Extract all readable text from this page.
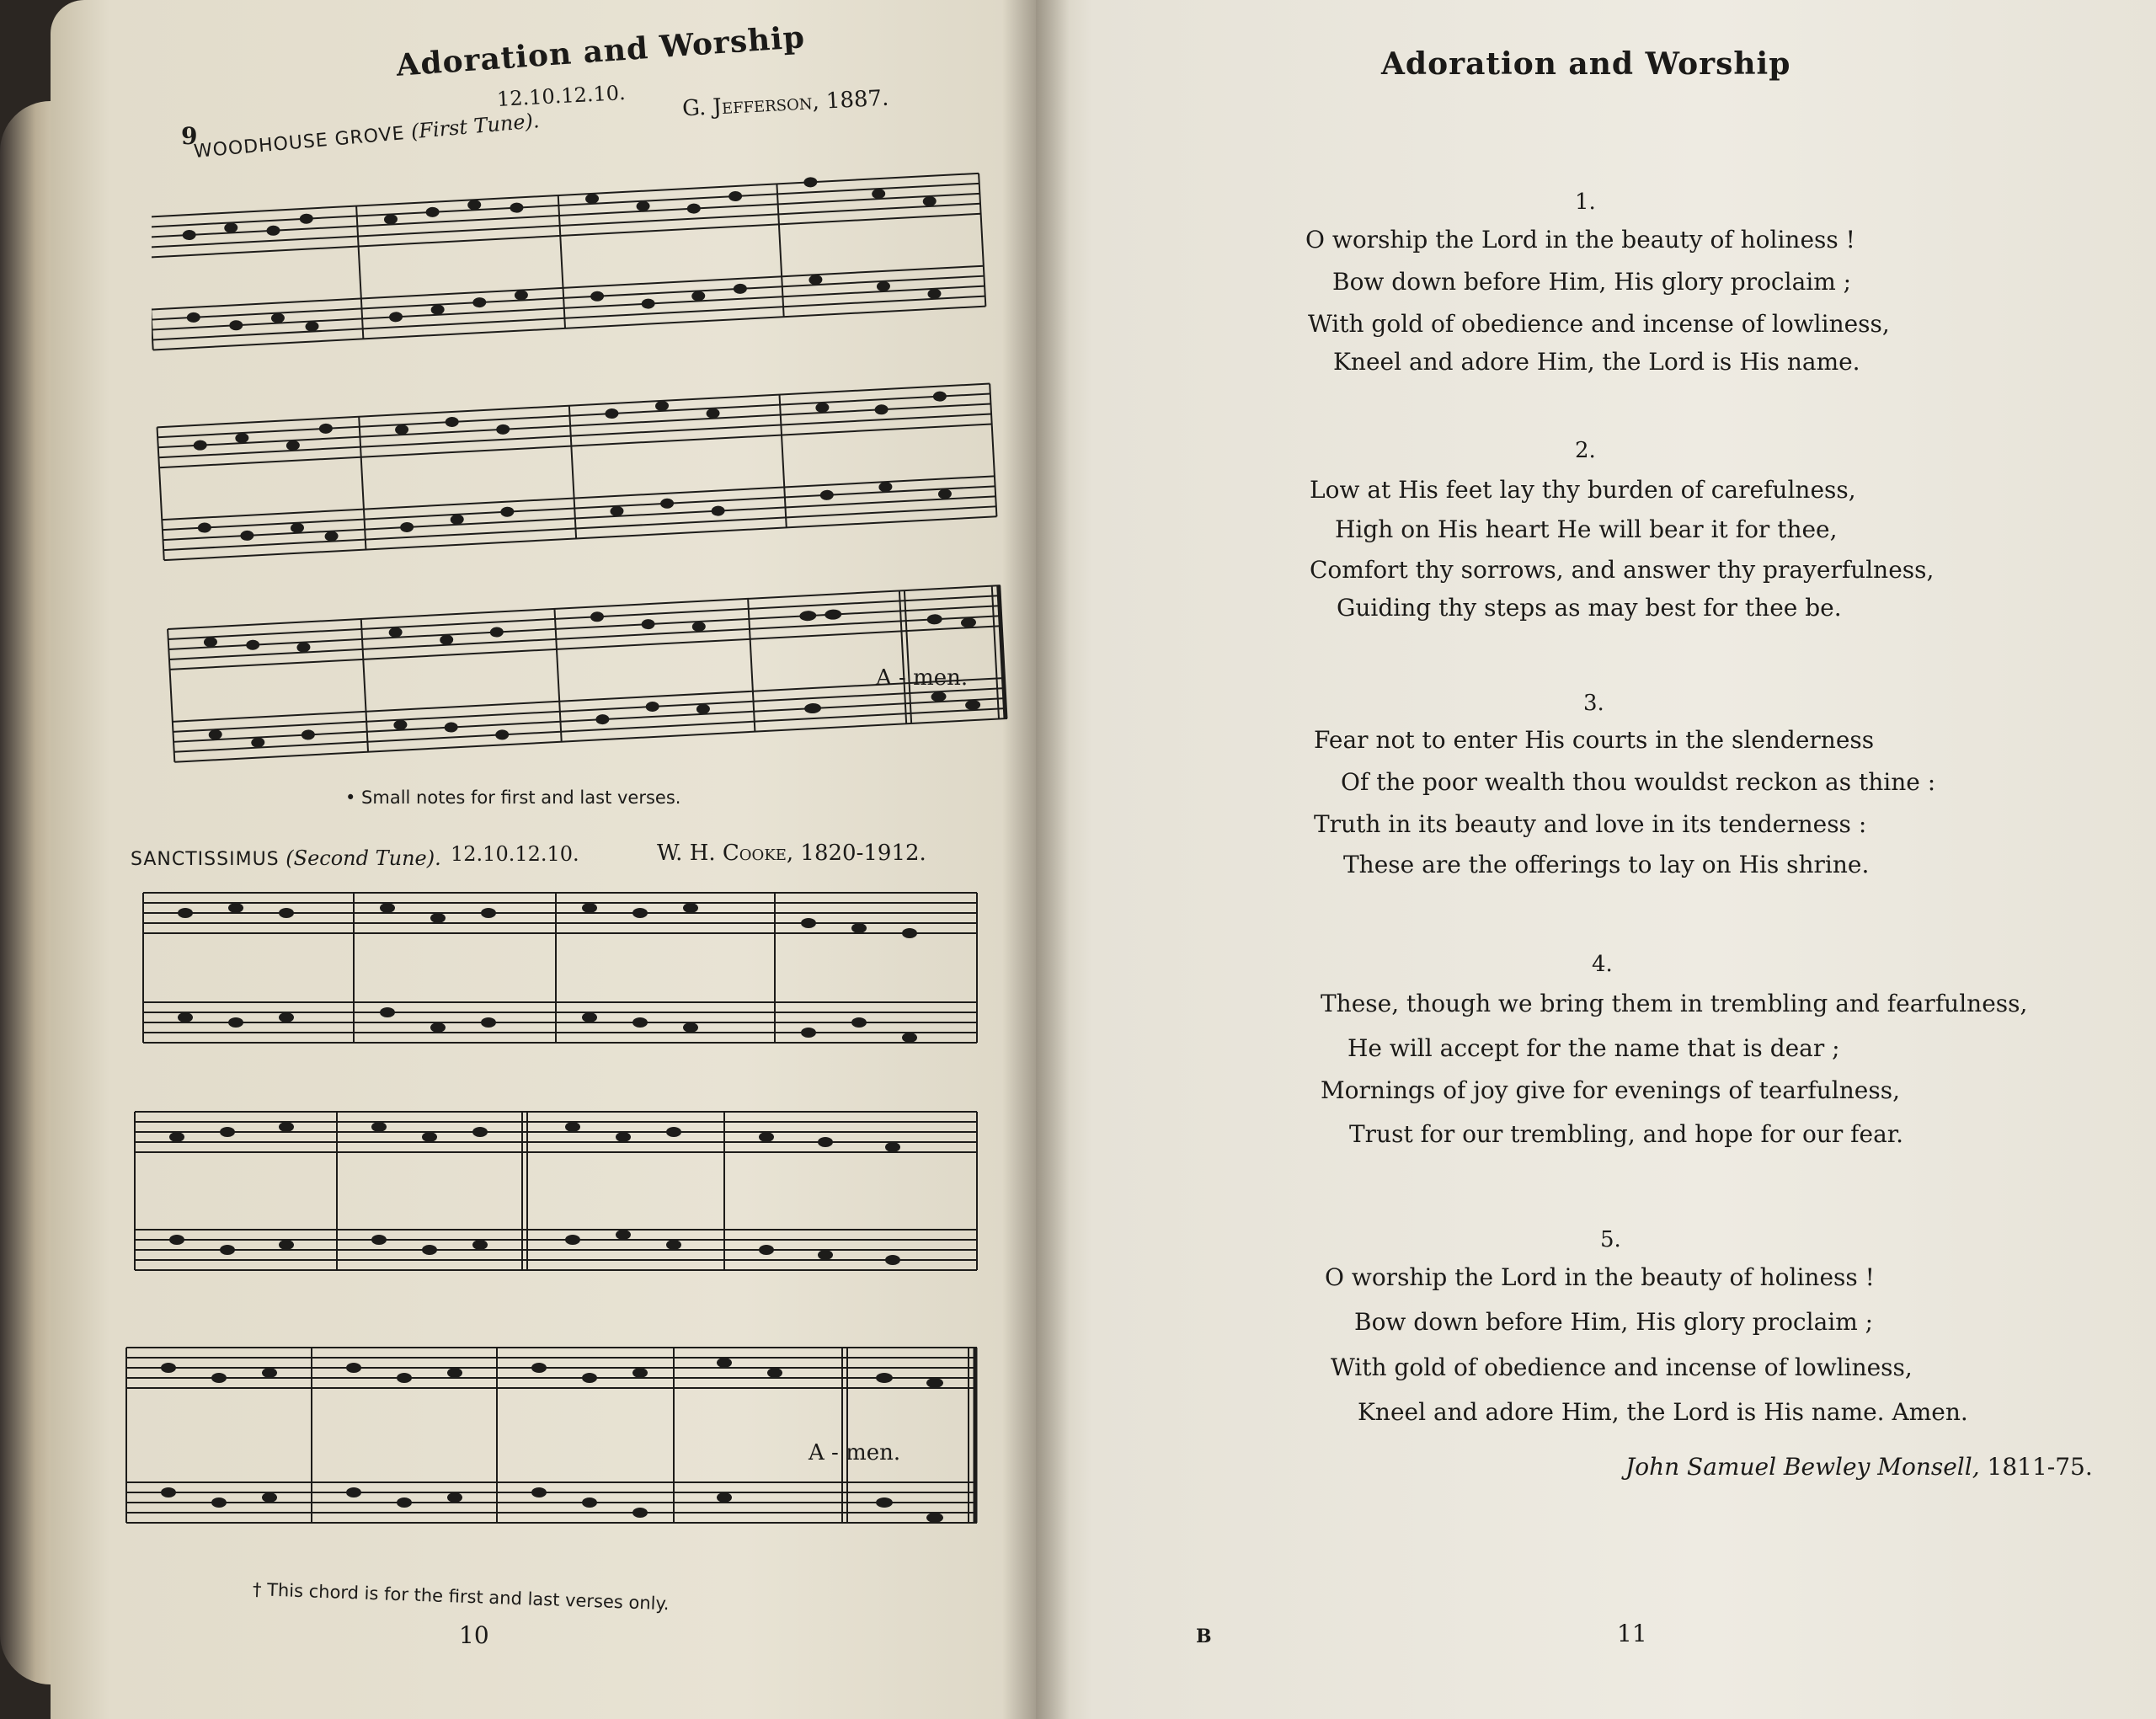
Adoration and Worship
9
12.10.12.10.	G. Jefferson, 1887.
WOODHOUSE GROVE (First Tune).
A - men.
• Small notes for first and last verses.
SANCTISSIMUS (Second Tune). 12.10.12.10.	W. H. Cooke, 1820-1912.
A - men.
† This chord is for the first and last verses only.
10
Adoration and Worship
1.
O worship the Lord in the beauty of holiness !
Bow down before Him, His glory proclaim ;
With gold of obedience and incense of lowliness,
Kneel and adore Him, the Lord is His name.
2.
Low at His feet lay thy burden of carefulness,
High on His heart He will bear it for thee,
Comfort thy sorrows, and answer thy prayerfulness,
Guiding thy steps as may best for thee be.
3.
Fear not to enter His courts in the slenderness
Of the poor wealth thou wouldst reckon as thine :
Truth in its beauty and love in its tenderness :
These are the offerings to lay on His shrine.
4.
These, though we bring them in trembling and fearfulness,
He will accept for the name that is dear ;
Mornings of joy give for evenings of tearfulness,
Trust for our trembling, and hope for our fear.
5.
O worship the Lord in the beauty of holiness !
Bow down before Him, His glory proclaim ;
With gold of obedience and incense of lowliness,
Kneel and adore Him, the Lord is His name. Amen.
John Samuel Bewley Monsell, 1811-75.
11
B
